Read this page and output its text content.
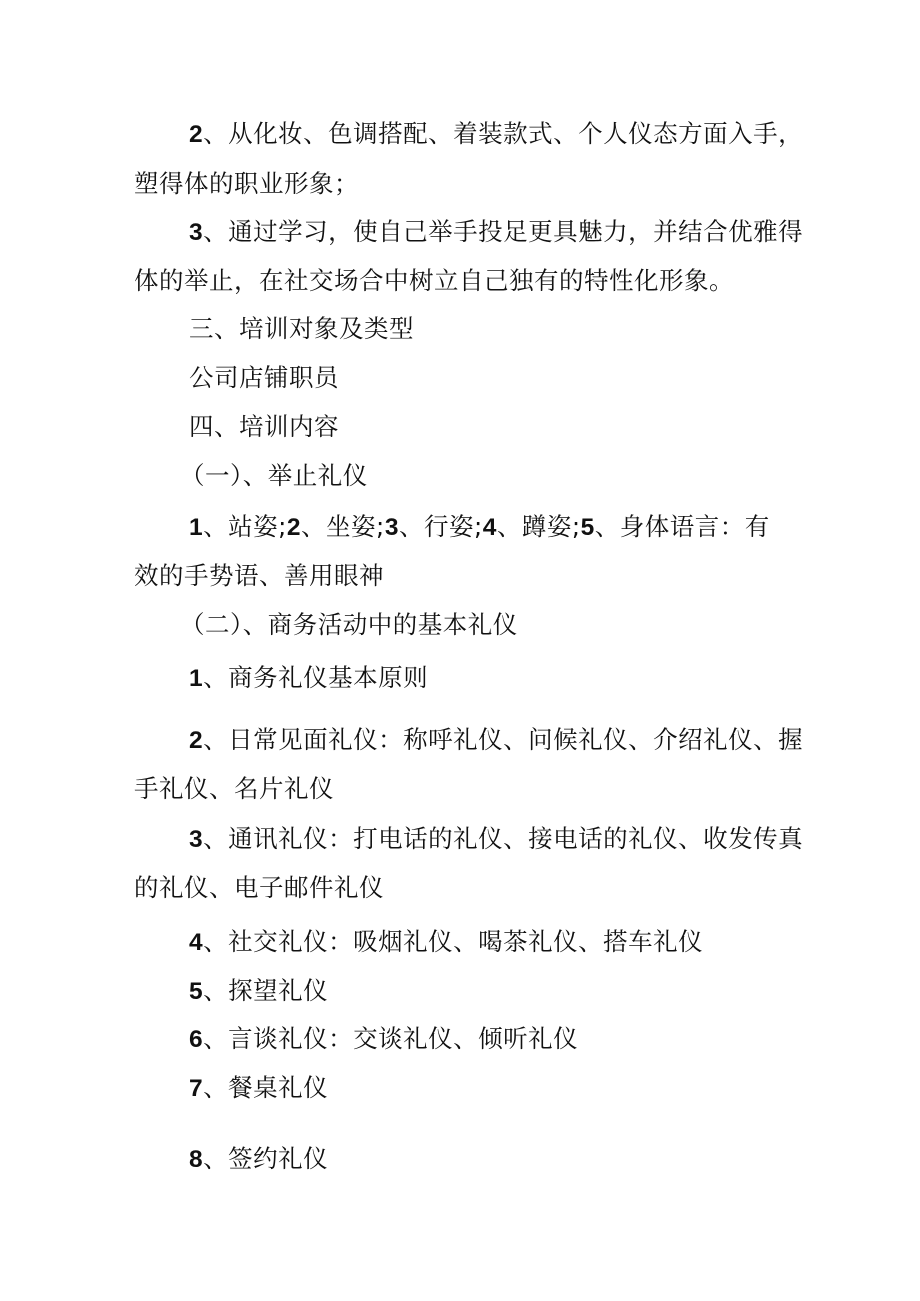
2、从化妆、色调搭配、着装款式、个人仪态方面入手，
塑得体的职业形象；
3、通过学习，使自己举手投足更具魅力，并结合优雅得
体的举止，在社交场合中树立自己独有的特性化形象。
三、培训对象及类型
公司店铺职员
四、培训内容
（一）、举止礼仪
1、站姿;2、坐姿;3、行姿;4、蹲姿;5、身体语言：有
效的手势语、善用眼神
（二）、商务活动中的基本礼仪
1、商务礼仪基本原则
2、日常见面礼仪：称呼礼仪、问候礼仪、介绍礼仪、握
手礼仪、名片礼仪
3、通讯礼仪：打电话的礼仪、接电话的礼仪、收发传真
的礼仪、电子邮件礼仪
4、社交礼仪：吸烟礼仪、喝茶礼仪、搭车礼仪
5、探望礼仪
6、言谈礼仪：交谈礼仪、倾听礼仪
7、餐桌礼仪
8、签约礼仪
